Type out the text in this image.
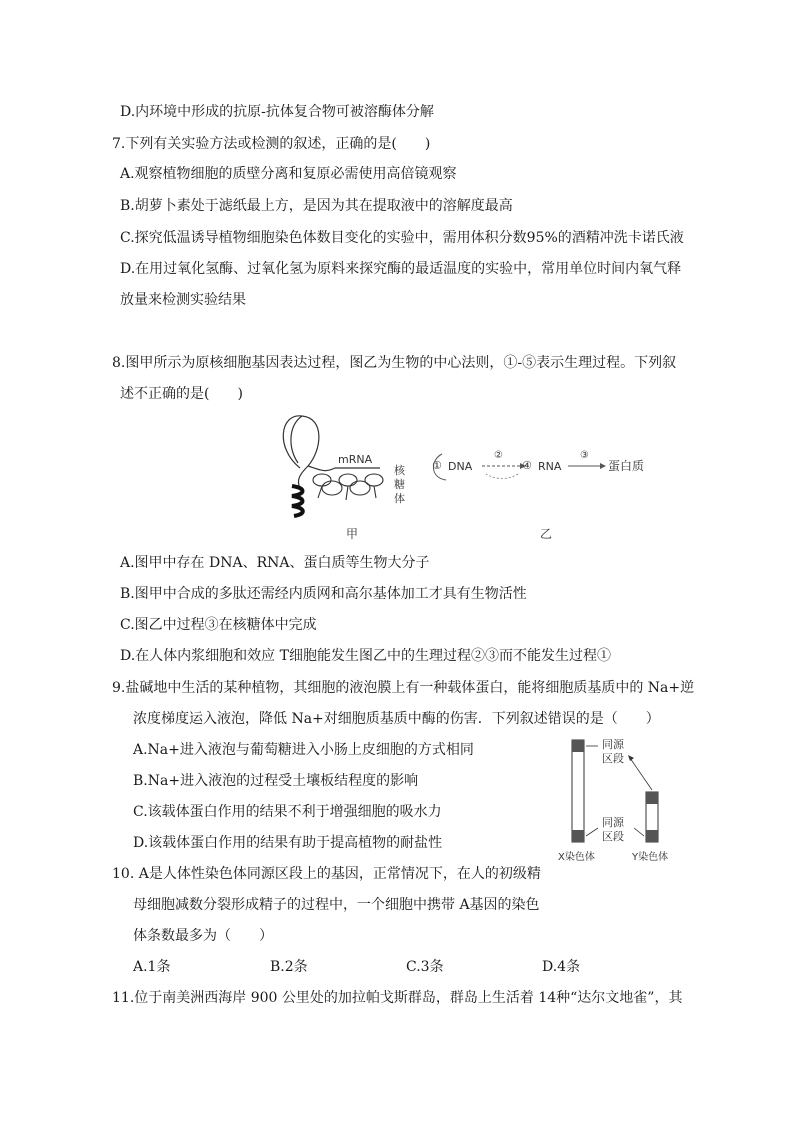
D.内环境中形成的抗原-抗体复合物可被溶酶体分解
7.下列有关实验方法或检测的叙述，正确的是(　　)
A.观察植物细胞的质壁分离和复原必需使用高倍镜观察
B.胡萝卜素处于滤纸最上方，是因为其在提取液中的溶解度最高
C.探究低温诱导植物细胞染色体数目变化的实验中，需用体积分数95%的酒精冲洗卡诺氏液
D.在用过氧化氢酶、过氧化氢为原料来探究酶的最适温度的实验中，常用单位时间内氧气释
放量来检测实验结果
8.图甲所示为原核细胞基因表达过程，图乙为生物的中心法则，①-⑤表示生理过程。下列叙
述不正确的是(　　)
mRNA
核
糖
体
① DNA
②
④ RNA
③
蛋白质
甲	乙
A.图甲中存在 DNA、RNA、蛋白质等生物大分子
B.图甲中合成的多肽还需经内质网和高尔基体加工才具有生物活性
C.图乙中过程③在核糖体中完成
D.在人体内浆细胞和效应 T细胞能发生图乙中的生理过程②③而不能发生过程①
9.盐碱地中生活的某种植物，其细胞的液泡膜上有一种载体蛋白，能将细胞质基质中的 Na+逆
浓度梯度运入液泡，降低 Na+对细胞质基质中酶的伤害．下列叙述错误的是（　　）
A.Na+进入液泡与葡萄糖进入小肠上皮细胞的方式相同
B.Na+进入液泡的过程受土壤板结程度的影响
C.该载体蛋白作用的结果不利于增强细胞的吸水力
D.该载体蛋白作用的结果有助于提高植物的耐盐性
同源
区段
同源
区段
X染色体	Y染色体
10. A是人体性染色体同源区段上的基因，正常情况下，在人的初级精
母细胞减数分裂形成精子的过程中，一个细胞中携带 A基因的染色
体条数最多为（　　）
A.1条	B.2条	C.3条	D.4条
11.位于南美洲西海岸 900 公里处的加拉帕戈斯群岛，群岛上生活着 14种“达尔文地雀”，其
